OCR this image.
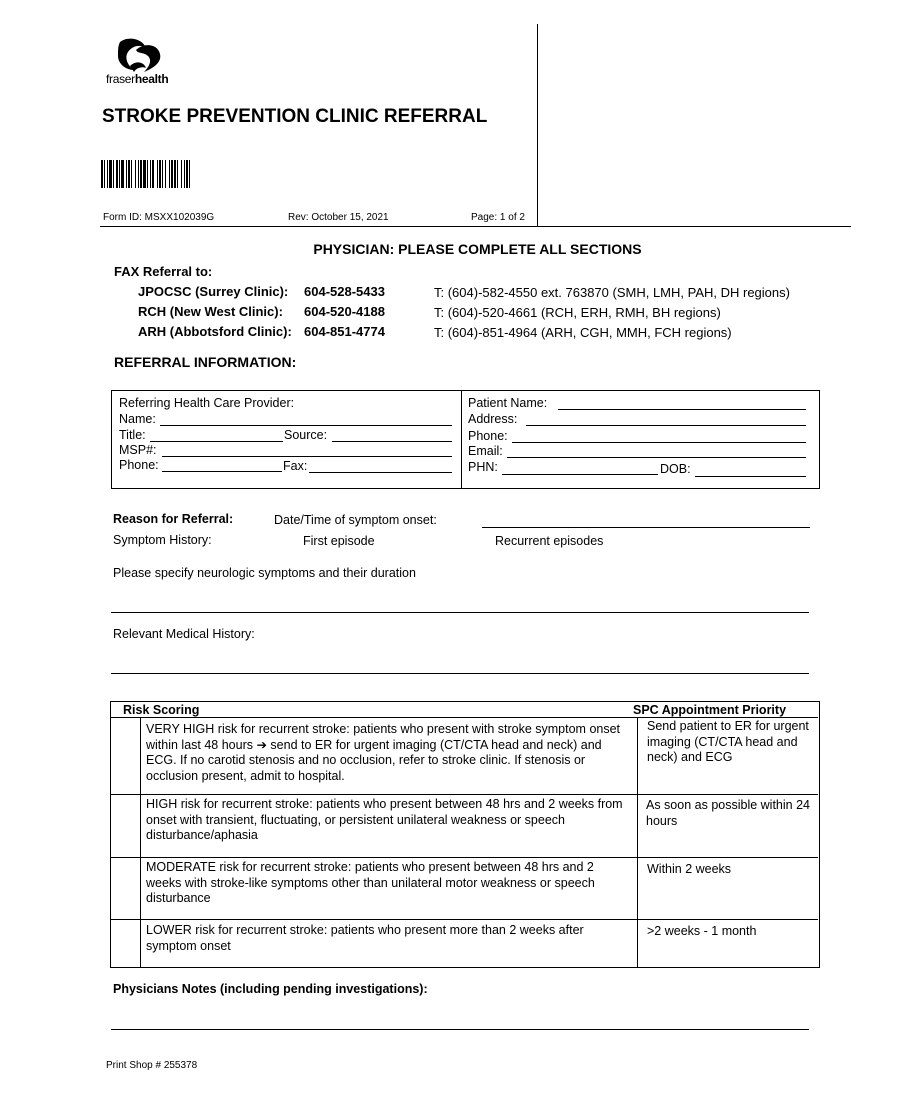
fraserhealth
STROKE PREVENTION CLINIC REFERRAL
Form ID: MSXX102039G	Rev: October 15, 2021	Page: 1 of 2
PHYSICIAN: PLEASE COMPLETE ALL SECTIONS
FAX Referral to:
JPOCSC (Surrey Clinic): 604-528-5433	T: (604)-582-4550 ext. 763870 (SMH, LMH, PAH, DH regions)
RCH (New West Clinic): 604-520-4188	T: (604)-520-4661 (RCH, ERH, RMH, BH regions)
ARH (Abbotsford Clinic): 604-851-4774	T: (604)-851-4964 (ARH, CGH, MMH, FCH regions)
REFERRAL INFORMATION:
Referring Health Care Provider:
Name:
Title:	Source:
MSP#:
Phone:	Fax:
Patient Name:
Address:
Phone:
Email:
PHN:	DOB:
Reason for Referral:	Date/Time of symptom onset:
Symptom History:	First episode	Recurrent episodes
Please specify neurologic symptoms and their duration
Relevant Medical History:
Risk Scoring	SPC Appointment Priority
VERY HIGH risk for recurrent stroke: patients who present with stroke symptom onset within last 48 hours ➔ send to ER for urgent imaging (CT/CTA head and neck) and ECG. If no carotid stenosis and no occlusion, refer to stroke clinic. If stenosis or occlusion present, admit to hospital.
Send patient to ER for urgent imaging (CT/CTA head and neck) and ECG
HIGH risk for recurrent stroke: patients who present between 48 hrs and 2 weeks from onset with transient, fluctuating, or persistent unilateral weakness or speech disturbance/aphasia
As soon as possible within 24 hours
MODERATE risk for recurrent stroke: patients who present between 48 hrs and 2 weeks with stroke-like symptoms other than unilateral motor weakness or speech disturbance
Within 2 weeks
LOWER risk for recurrent stroke: patients who present more than 2 weeks after symptom onset
>2 weeks - 1 month
Physicians Notes (including pending investigations):
Print Shop # 255378
